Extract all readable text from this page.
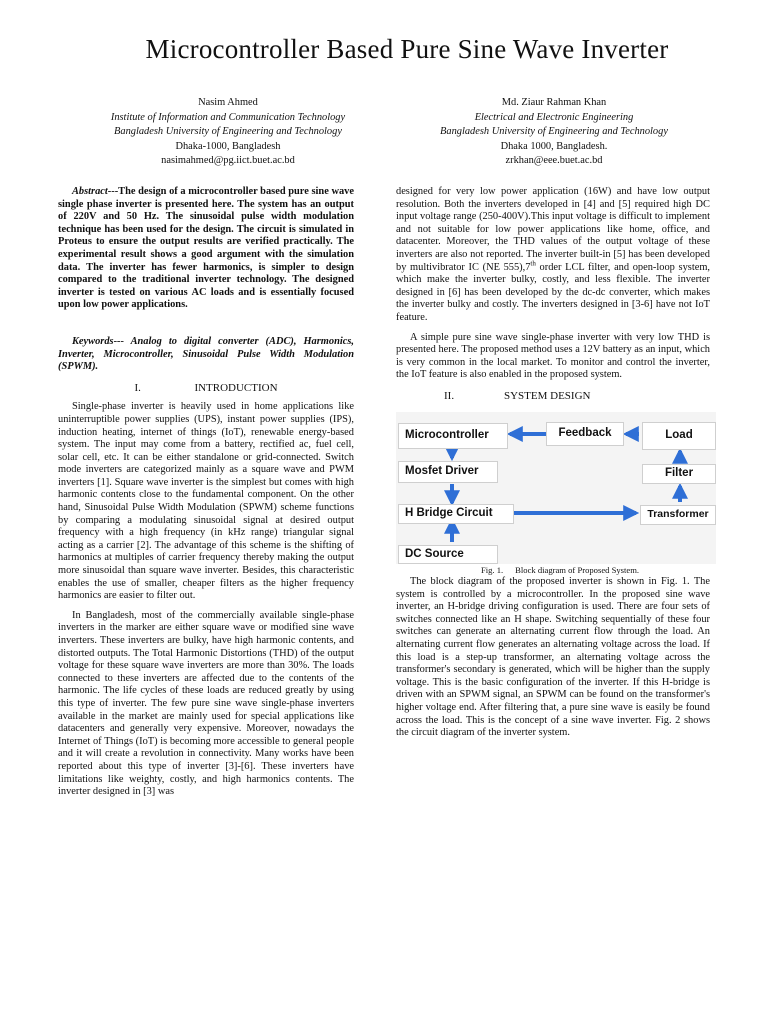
Microcontroller Based Pure Sine Wave Inverter
Nasim Ahmed
Institute of Information and Communication Technology
Bangladesh University of Engineering and Technology
Dhaka-1000, Bangladesh
nasimahmed@pg.iict.buet.ac.bd
Md. Ziaur Rahman Khan
Electrical and Electronic Engineering
Bangladesh University of Engineering and Technology
Dhaka 1000, Bangladesh.
zrkhan@eee.buet.ac.bd

Abstract---The design of a microcontroller based pure sine wave single phase inverter is presented here. The system has an output of 220V and 50 Hz. The sinusoidal pulse width modulation technique has been used for the design. The circuit is simulated in Proteus to ensure the output results are verified practically. The experimental result shows a good argument with the simulation data. The inverter has fewer harmonics, is simpler to design compared to the traditional inverter technology. The designed inverter is tested on various AC loads and is essentially focused upon low power applications.

Keywords--- Analog to digital converter (ADC), Harmonics, Inverter, Microcontroller, Sinusoidal Pulse Width Modulation (SPWM).

I.	INTRODUCTION

Single-phase inverter is heavily used in home applications like uninterruptible power supplies (UPS), instant power supplies (IPS), induction heating, internet of things (IoT), renewable energy-based system. The input may come from a battery, rectified ac, fuel cell, solar cell, etc. It can be either standalone or grid-connected. Switch mode inverters are categorized mainly as a square wave and PWM inverters [1]. Square wave inverter is the simplest but comes with high harmonic contents close to the fundamental component. On the other hand, Sinusoidal Pulse Width Modulation (SPWM) scheme functions by comparing a modulating sinusoidal signal at desired output frequency with a high frequency (in kHz range) triangular signal acting as a carrier [2]. The advantage of this scheme is the shifting of harmonics at multiples of carrier frequency thereby making the output more sinusoidal than square wave inverter. Besides, this characteristic enables the use of smaller, cheaper filters as the higher frequency harmonics are easier to filter out.

In Bangladesh, most of the commercially available single-phase inverters in the marker are either square wave or modified sine wave inverters. These inverters are bulky, have high harmonic contents, and distorted outputs. The Total Harmonic Distortions (THD) of the output voltage for these square wave inverters are more than 30%. The loads connected to these inverters are affected due to the contents of the harmonic. The life cycles of these loads are reduced greatly by using this type of inverter. The few pure sine wave single-phase inverters available in the market are mainly used for special applications like datacenters and generally very expensive. Moreover, nowadays the Internet of Things (IoT) is becoming more accessible to general people and it will create a revolution in connectivity. Many works have been reported about this type of inverter [3]-[6]. These inverters have limitations like weighty, costly, and high harmonics contents. The inverter designed in [3] was

designed for very low power application (16W) and have low output resolution. Both the inverters developed in [4] and [5] required high DC input voltage range (250-400V).This input voltage is difficult to implement and not suitable for low power applications like home, office, and datacenter. Moreover, the THD values of the output voltage of these inverters are also not reported. The inverter built-in [5] has been developed by multivibrator IC (NE 555),7th order LCL filter, and open-loop system, which make the inverter bulky, costly, and less flexible. The inverter designed in [6] has been developed by the dc-dc converter, which makes the inverter bulky and costly. The inverters designed in [3-6] have not IoT feature.

A simple pure sine wave single-phase inverter with very low THD is presented here. The proposed method uses a 12V battery as an input, which is very common in the local market. To monitor and control the inverter, the IoT feature is also enabled in the proposed system.

II.	SYSTEM DESIGN
Microcontroller	Feedback	Load
Mosfet Driver	Filter
H Bridge Circuit	Transformer
DC Source

Fig. 1. Block diagram of Proposed System.

The block diagram of the proposed inverter is shown in Fig. 1. The system is controlled by a microcontroller. In the proposed sine wave inverter, an H-bridge driving configuration is used. There are four sets of switches connected like an H shape. Switching sequentially of these four switches can generate an alternating current flow through the load. An alternating current flow generates an alternating voltage across the load. If this load is a step-up transformer, an alternating voltage across the transformer's secondary is generated, which will be higher than the supply voltage. This is the basic configuration of the inverter. If this H-bridge is driven with an SPWM signal, an SPWM can be found on the transformer's higher voltage end. After filtering that, a pure sine wave is easily be found across the load. This is the concept of a sine wave inverter. Fig. 2 shows the circuit diagram of the inverter system.
